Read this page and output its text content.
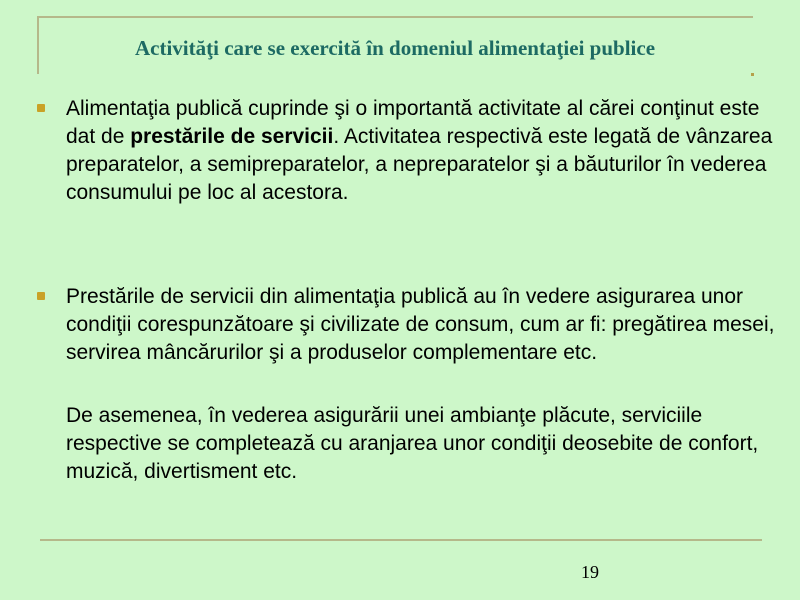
Activităţi care se exercită în domeniul alimentaţiei publice
Alimentaţia publică cuprinde şi o importantă activitate al cărei conţinut este dat de prestările de servicii. Activitatea respectivă este legată de vânzarea preparatelor, a semipreparatelor, a nepreparatelor şi a băuturilor în vederea consumului pe loc al acestora.
Prestările de servicii din alimentaţia publică au în vedere asigurarea unor condiţii corespunzătoare şi civilizate de consum, cum ar fi: pregătirea mesei, servirea mâncărurilor şi a produselor complementare etc.
De asemenea, în vederea asigurării unei ambianţe plăcute, serviciile respective se completează cu aranjarea unor condiţii deosebite de confort, muzică, divertisment etc.
19
